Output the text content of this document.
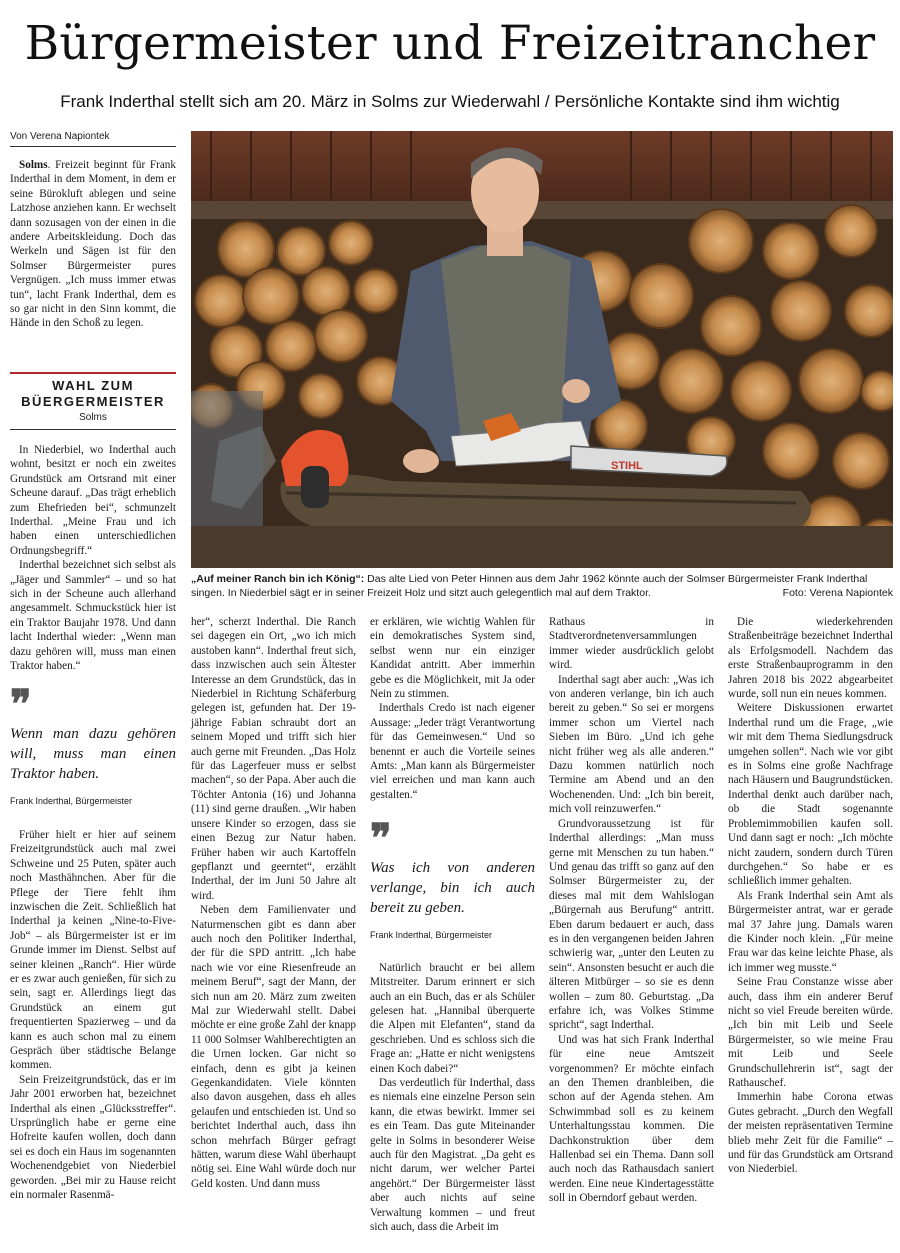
Bürgermeister und Freizeitrancher
Frank Inderthal stellt sich am 20. März in Solms zur Wiederwahl / Persönliche Kontakte sind ihm wichtig
Von Verena Napiontek

Solms. Freizeit beginnt für Frank Inderthal in dem Moment, in dem er seine Bürokluft ablegen und seine Latzhose anziehen kann. Er wechselt dann sozusagen von der einen in die andere Arbeitskleidung. Doch das Werkeln und Sägen ist für den Solmser Bürgermeister pures Vergnügen. „Ich muss immer etwas tun“, lacht Frank Inderthal, dem es so gar nicht in den Sinn kommt, die Hände in den Schoß zu legen.

WAHL ZUM BÜERGERMEISTER
Solms

In Niederbiel, wo Inderthal auch wohnt, besitzt er noch ein zweites Grundstück am Ortsrand mit einer Scheune darauf. „Das trägt erheblich zum Ehefrieden bei“, schmunzelt Inderthal. „Meine Frau und ich haben einen unterschiedlichen Ordnungsbegriff.“

Inderthal bezeichnet sich selbst als „Jäger und Sammler“ – und so hat sich in der Scheune auch allerhand angesammelt. Schmuckstück hier ist ein Traktor Baujahr 1978. Und dann lacht Inderthal wieder: „Wenn man dazu gehören will, muss man einen Traktor haben.“

❞
Wenn man dazu gehören will, muss man einen Traktor haben.
Frank Inderthal, Bürgermeister

Früher hielt er hier auf seinem Freizeitgrundstück auch mal zwei Schweine und 25 Puten, später auch noch Masthähnchen. Aber für die Pflege der Tiere fehlt ihm inzwischen die Zeit. Schließlich hat Inderthal ja keinen „Nine-to-Five-Job“ – als Bürgermeister ist er im Grunde immer im Dienst. Selbst auf seiner kleinen „Ranch“. Hier würde er es zwar auch genießen, für sich zu sein, sagt er. Allerdings liegt das Grundstück an einem gut frequentierten Spazierweg – und da kann es auch schon mal zu einem Gespräch über städtische Belange kommen.

Sein Freizeitgrundstück, das er im Jahr 2001 erworben hat, bezeichnet Inderthal als einen „Glücksstreffer“. Ursprünglich habe er gerne eine Hofreite kaufen wollen, doch dann sei es doch ein Haus im sogenannten Wochenendgebiet von Niederbiel geworden. „Bei mir zu Hause reicht ein normaler Rasenmä-

STIHL
„Auf meiner Ranch bin ich König“: Das alte Lied von Peter Hinnen aus dem Jahr 1962 könnte auch der Solmser Bürgermeister Frank Inderthal singen. In Niederbiel sägt er in seiner Freizeit Holz und sitzt auch gelegentlich mal auf dem Traktor.	Foto: Verena Napiontek

her“, scherzt Inderthal. Die Ranch sei dagegen ein Ort, „wo ich mich austoben kann“. Inderthal freut sich, dass inzwischen auch sein Ältester Interesse an dem Grundstück, das in Niederbiel in Richtung Schäferburg gelegen ist, gefunden hat. Der 19-jährige Fabian schraubt dort an seinem Moped und trifft sich hier auch gerne mit Freunden. „Das Holz für das Lagerfeuer muss er selbst machen“, so der Papa. Aber auch die Töchter Antonia (16) und Johanna (11) sind gerne draußen. „Wir haben unsere Kinder so erzogen, dass sie einen Bezug zur Natur haben. Früher haben wir auch Kartoffeln gepflanzt und geerntet“, erzählt Inderthal, der im Juni 50 Jahre alt wird.

Neben dem Familienvater und Naturmenschen gibt es dann aber auch noch den Politiker Inderthal, der für die SPD antritt. „Ich habe nach wie vor eine Riesenfreude an meinem Beruf“, sagt der Mann, der sich nun am 20. März zum zweiten Mal zur Wiederwahl stellt. Dabei möchte er eine große Zahl der knapp 11 000 Solmser Wahlberechtigten an die Urnen locken. Gar nicht so einfach, denn es gibt ja keinen Gegenkandidaten. Viele könnten also davon ausgehen, dass eh alles gelaufen und entschieden ist. Und so berichtet Inderthal auch, dass ihn schon mehrfach Bürger gefragt hätten, warum diese Wahl überhaupt nötig sei. Eine Wahl würde doch nur Geld kosten. Und dann muss

er erklären, wie wichtig Wahlen für ein demokratisches System sind, selbst wenn nur ein einziger Kandidat antritt. Aber immerhin gebe es die Möglichkeit, mit Ja oder Nein zu stimmen.

Inderthals Credo ist nach eigener Aussage: „Jeder trägt Verantwortung für das Gemeinwesen.“ Und so benennt er auch die Vorteile seines Amts: „Man kann als Bürgermeister viel erreichen und man kann auch gestalten.“

❞
Was ich von anderen verlange, bin ich auch bereit zu geben.
Frank Inderthal, Bürgermeister

Natürlich braucht er bei allem Mitstreiter. Darum erinnert er sich auch an ein Buch, das er als Schüler gelesen hat. „Hannibal überquerte die Alpen mit Elefanten“, stand da geschrieben. Und es schloss sich die Frage an: „Hatte er nicht wenigstens einen Koch dabei?“

Das verdeutlich für Inderthal, dass es niemals eine einzelne Person sein kann, die etwas bewirkt. Immer sei es ein Team. Das gute Miteinander gelte in Solms in besonderer Weise auch für den Magistrat. „Da geht es nicht darum, wer welcher Partei angehört.“ Der Bürgermeister lässt aber auch nichts auf seine Verwaltung kommen – und freut sich auch, dass die Arbeit im

Rathaus in Stadtverordnetenversammlungen immer wieder ausdrücklich gelobt wird.

Inderthal sagt aber auch: „Was ich von anderen verlange, bin ich auch bereit zu geben.“ So sei er morgens immer schon um Viertel nach Sieben im Büro. „Und ich gehe nicht früher weg als alle anderen.“ Dazu kommen natürlich noch Termine am Abend und an den Wochenenden. Und: „Ich bin bereit, mich voll reinzuwerfen.“

Grundvoraussetzung ist für Inderthal allerdings: „Man muss gerne mit Menschen zu tun haben.“ Und genau das trifft so ganz auf den Solmser Bürgermeister zu, der dieses mal mit dem Wahlslogan „Bürgernah aus Berufung“ antritt. Eben darum bedauert er auch, dass es in den vergangenen beiden Jahren schwierig war, „unter den Leuten zu sein“. Ansonsten besucht er auch die älteren Mitbürger – so sie es denn wollen – zum 80. Geburtstag. „Da erfahre ich, was Volkes Stimme spricht“, sagt Inderthal.

Und was hat sich Frank Inderthal für eine neue Amtszeit vorgenommen? Er möchte einfach an den Themen dranbleiben, die schon auf der Agenda stehen. Am Schwimmbad soll es zu keinem Unterhaltungsstau kommen. Die Dachkonstruktion über dem Hallenbad sei ein Thema. Dann soll auch noch das Rathausdach saniert werden. Eine neue Kindertagesstätte soll in Oberndorf gebaut werden.

Die wiederkehrenden Straßenbeiträge bezeichnet Inderthal als Erfolgsmodell. Nachdem das erste Straßenbauprogramm in den Jahren 2018 bis 2022 abgearbeitet wurde, soll nun ein neues kommen.

Weitere Diskussionen erwartet Inderthal rund um die Frage, „wie wir mit dem Thema Siedlungsdruck umgehen sollen“. Nach wie vor gibt es in Solms eine große Nachfrage nach Häusern und Baugrundstücken. Inderthal denkt auch darüber nach, ob die Stadt sogenannte Problemimmobilien kaufen soll. Und dann sagt er noch: „Ich möchte nicht zaudern, sondern durch Türen durchgehen.“ So habe er es schließlich immer gehalten.

Als Frank Inderthal sein Amt als Bürgermeister antrat, war er gerade mal 37 Jahre jung. Damals waren die Kinder noch klein. „Für meine Frau war das keine leichte Phase, als ich immer weg musste.“

Seine Frau Constanze wisse aber auch, dass ihm ein anderer Beruf nicht so viel Freude bereiten würde. „Ich bin mit Leib und Seele Bürgermeister, so wie meine Frau mit Leib und Seele Grundschullehrerin ist“, sagt der Rathauschef.

Immerhin habe Corona etwas Gutes gebracht. „Durch den Wegfall der meisten repräsentativen Termine blieb mehr Zeit für die Familie“ – und für das Grundstück am Ortsrand von Niederbiel.
